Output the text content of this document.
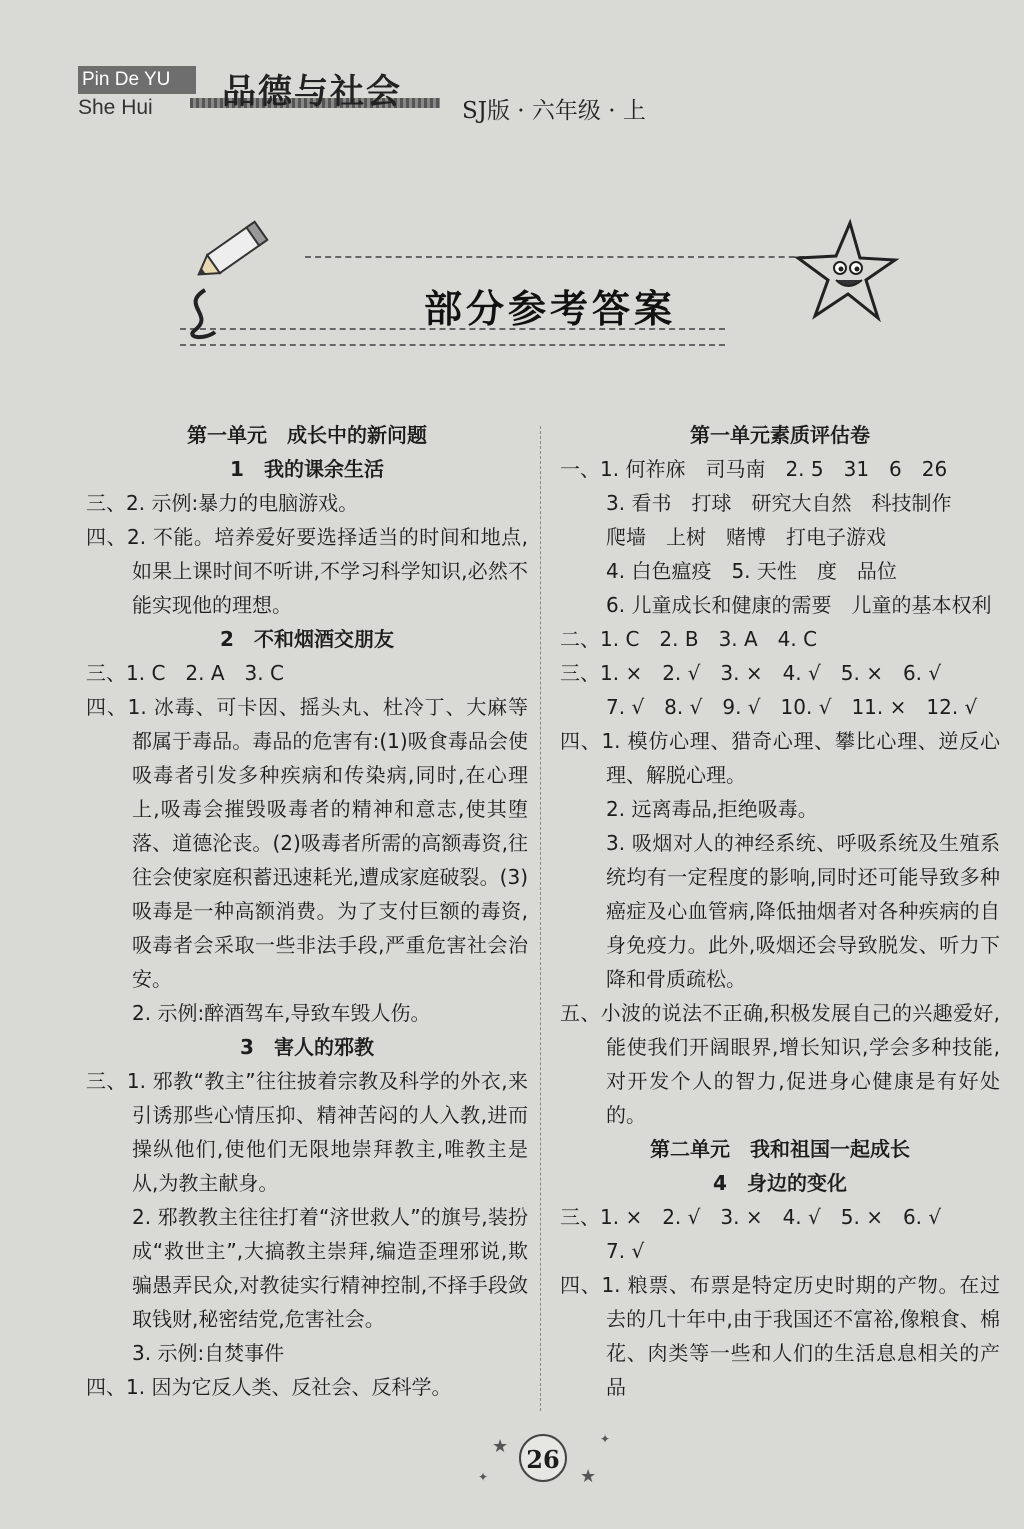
Pin De YU
She Hui 品德与社会	SJ版 · 六年级 · 上
部分参考答案
第一单元　成长中的新问题
1　我的课余生活
三、2. 示例:暴力的电脑游戏。
四、2. 不能。培养爱好要选择适当的时间和地点,如果上课时间不听讲,不学习科学知识,必然不能实现他的理想。
2　不和烟酒交朋友
三、1. C　2. A　3. C
四、1. 冰毒、可卡因、摇头丸、杜冷丁、大麻等都属于毒品。毒品的危害有:(1)吸食毒品会使吸毒者引发多种疾病和传染病,同时,在心理上,吸毒会摧毁吸毒者的精神和意志,使其堕落、道德沦丧。(2)吸毒者所需的高额毒资,往往会使家庭积蓄迅速耗光,遭成家庭破裂。(3)吸毒是一种高额消费。为了支付巨额的毒资,吸毒者会采取一些非法手段,严重危害社会治安。
2. 示例:醉酒驾车,导致车毁人伤。
3　害人的邪教
三、1. 邪教“教主”往往披着宗教及科学的外衣,来引诱那些心情压抑、精神苦闷的人入教,进而操纵他们,使他们无限地崇拜教主,唯教主是从,为教主献身。
2. 邪教教主往往打着“济世救人”的旗号,装扮成“救世主”,大搞教主崇拜,编造歪理邪说,欺骗愚弄民众,对教徒实行精神控制,不择手段敛取钱财,秘密结党,危害社会。
3. 示例:自焚事件
四、1. 因为它反人类、反社会、反科学。
第一单元素质评估卷
一、1. 何祚庥　司马南　2. 5　31　6　26
3. 看书　打球　研究大自然　科技制作
爬墙　上树　赌博　打电子游戏
4. 白色瘟疫　5. 天性　度　品位
6. 儿童成长和健康的需要　儿童的基本权利
二、1. C　2. B　3. A　4. C
三、1. ×　2. √　3. ×　4. √　5. ×　6. √
7. √　8. √　9. √　10. √　11. ×　12. √
四、1. 模仿心理、猎奇心理、攀比心理、逆反心理、解脱心理。
2. 远离毒品,拒绝吸毒。
3. 吸烟对人的神经系统、呼吸系统及生殖系统均有一定程度的影响,同时还可能导致多种癌症及心血管病,降低抽烟者对各种疾病的自身免疫力。此外,吸烟还会导致脱发、听力下降和骨质疏松。
五、小波的说法不正确,积极发展自己的兴趣爱好,能使我们开阔眼界,增长知识,学会多种技能,对开发个人的智力,促进身心健康是有好处的。
第二单元　我和祖国一起成长
4　身边的变化
三、1. ×　2. √　3. ×　4. √　5. ×　6. √
7. √
四、1. 粮票、布票是特定历史时期的产物。在过去的几十年中,由于我国还不富裕,像粮食、棉花、肉类等一些和人们的生活息息相关的产品
★
★
✦
✦
26
